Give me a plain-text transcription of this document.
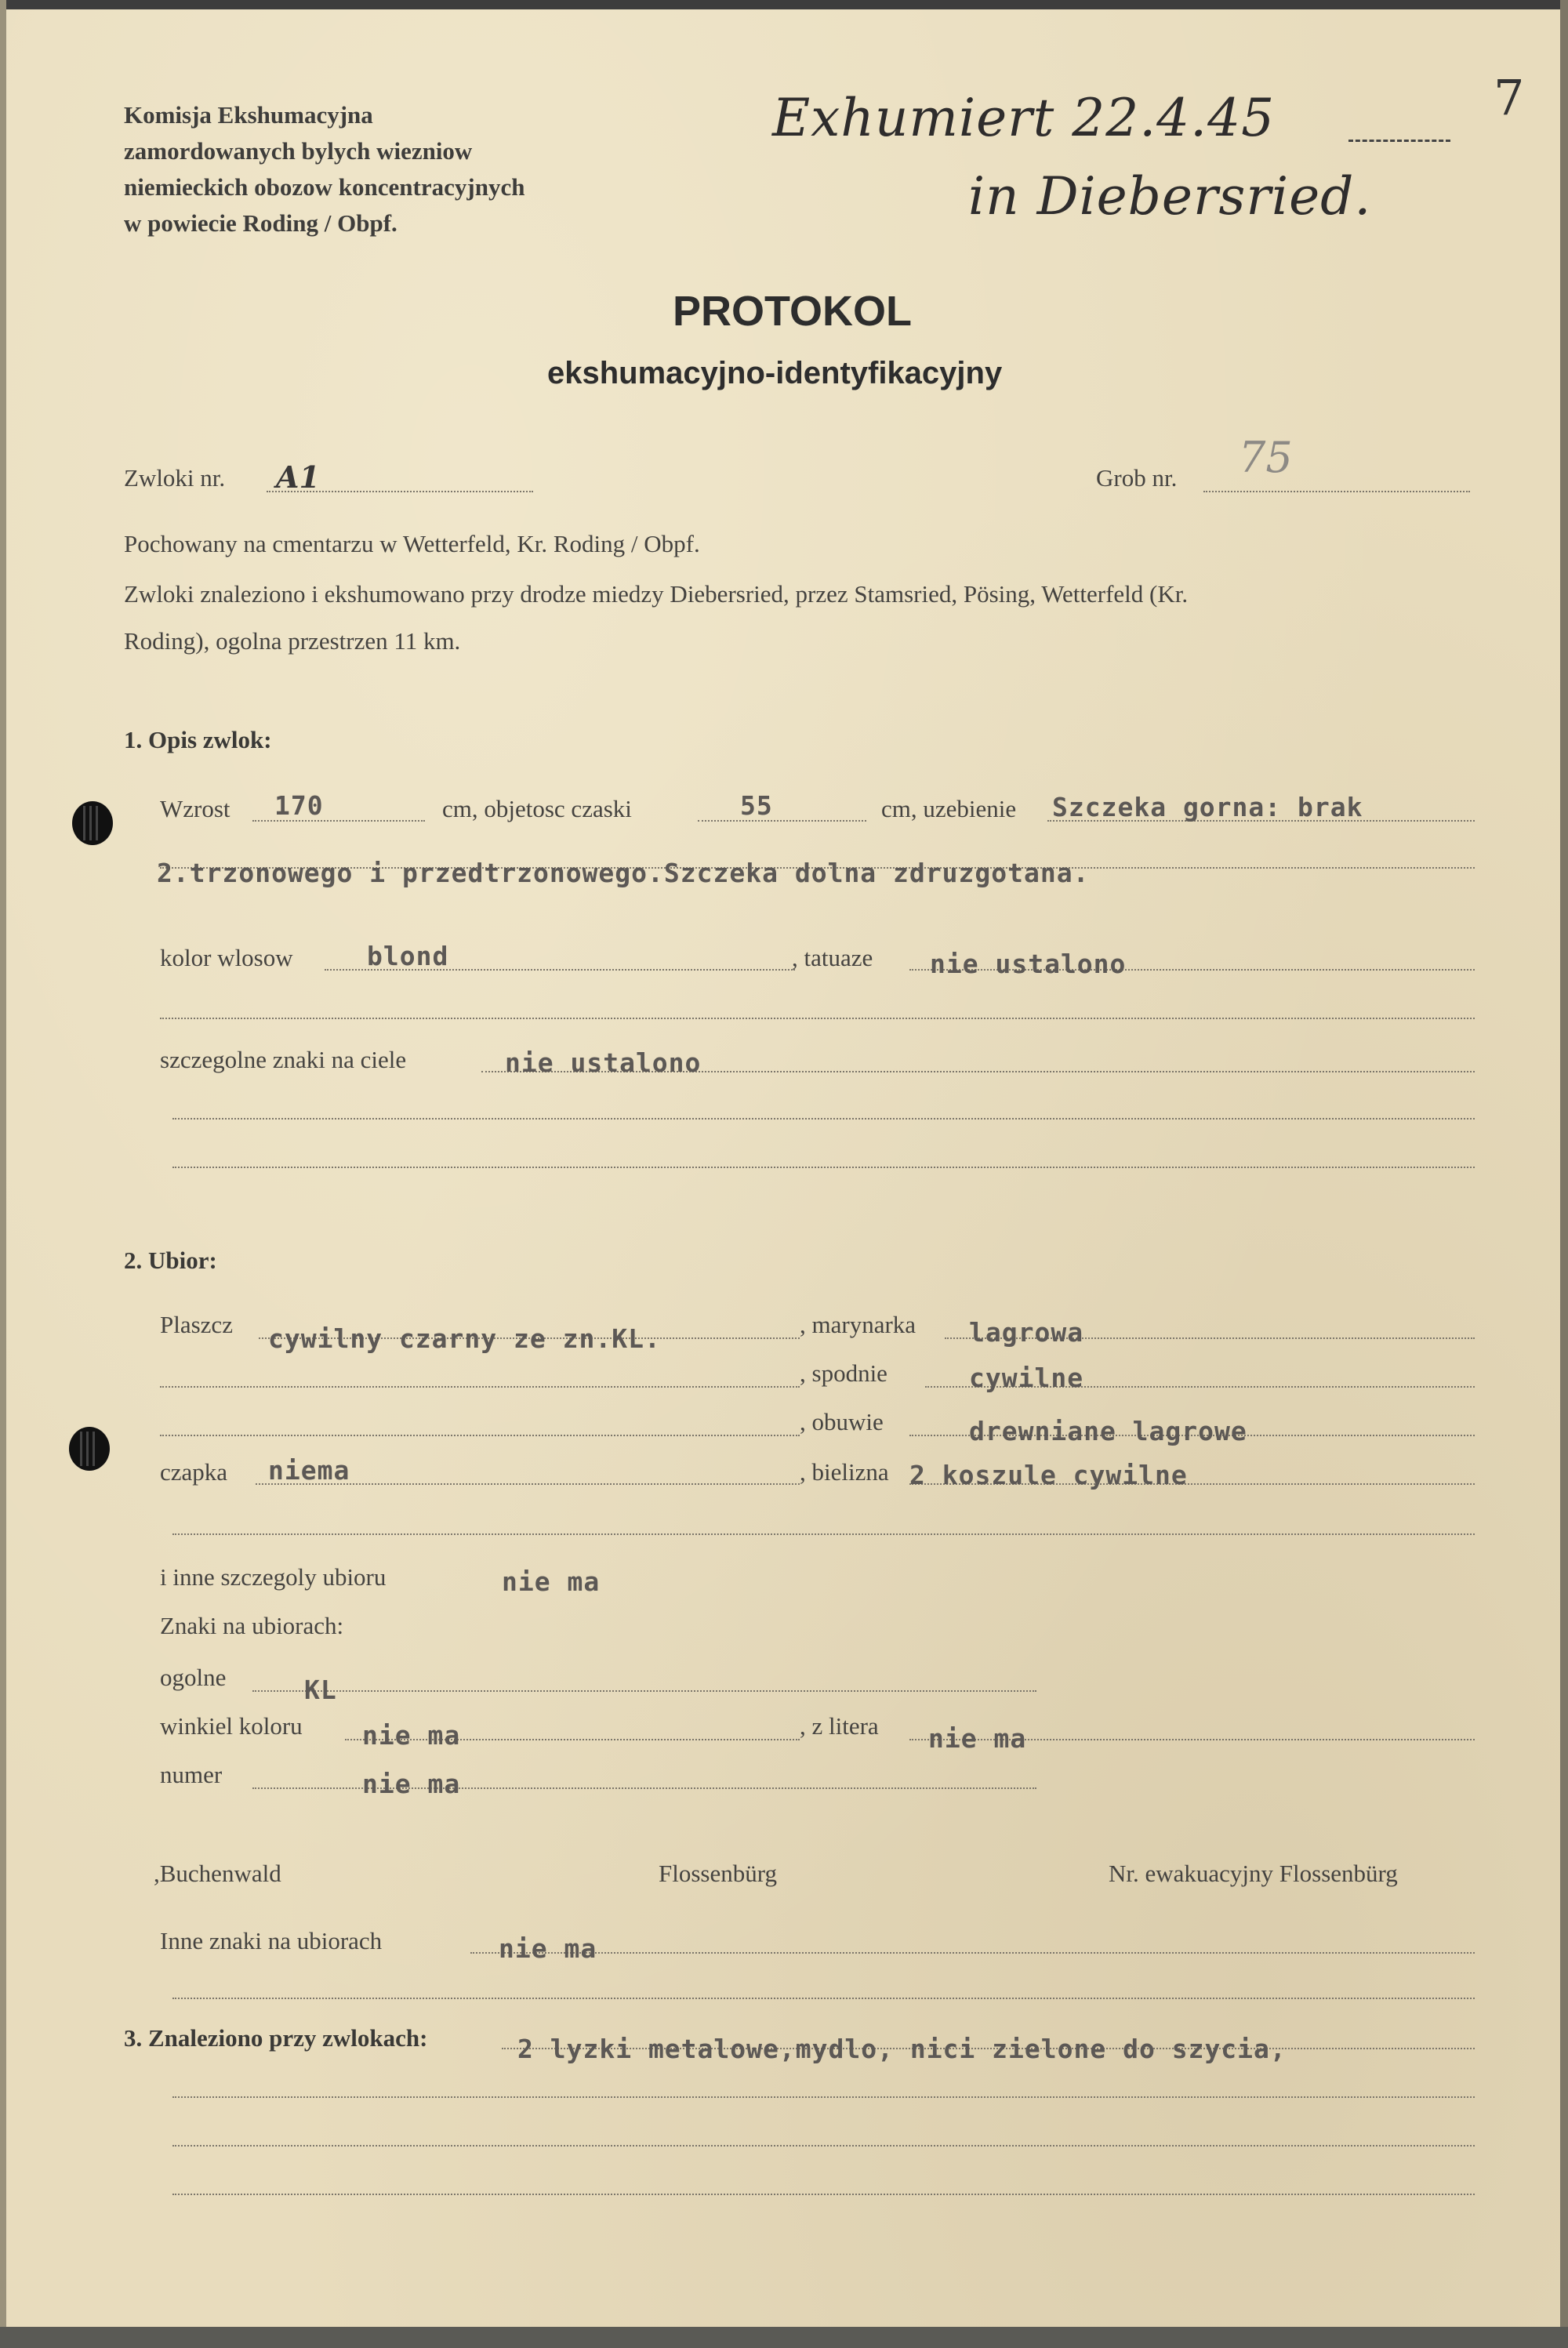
Komisja Ekshumacyjna
zamordowanych bylych wiezniow
niemieckich obozow koncentracyjnych
w powiecie Roding / Obpf.
Exhumiert 22.4.45
in Diebersried.
7
PROTOKOL
ekshumacyjno-identyfikacyjny
Zwloki nr. A1	Grob nr. 75
Pochowany na cmentarzu w Wetterfeld, Kr. Roding / Obpf.
Zwloki znaleziono i ekshumowano przy drodze miedzy Diebersried, przez Stamsried, Pösing, Wetterfeld (Kr.
Roding), ogolna przestrzen 11 km.
1. Opis zwlok:
Wzrost 170	cm, objetosc czaski	55	cm, uzebienie Szczeka gorna: brak
2.trzonowego i przedtrzonowego.Szczeka dolna zdruzgotana.
kolor wlosow	blond	, tatuaze nie ustalono
szczegolne znaki na ciele	nie ustalono
2. Ubior:
Plaszcz cywilny czarny ze zn.KL.	, marynarka lagrowa
, spodnie	cywilne
, obuwie	drewniane lagrowe
czapka niema	, bielizna 2 koszule cywilne
i inne szczegoly ubioru	nie ma
Znaki na ubiorach:
ogolne	KL
winkiel koloru nie ma	, z litera nie ma
numer	nie ma
,Buchenwald	Flossenbürg	Nr. ewakuacyjny Flossenbürg
Inne znaki na ubiorach	nie ma
3. Znaleziono przy zwlokach:	2 lyzki metalowe,mydlo, nici zielone do szycia,
